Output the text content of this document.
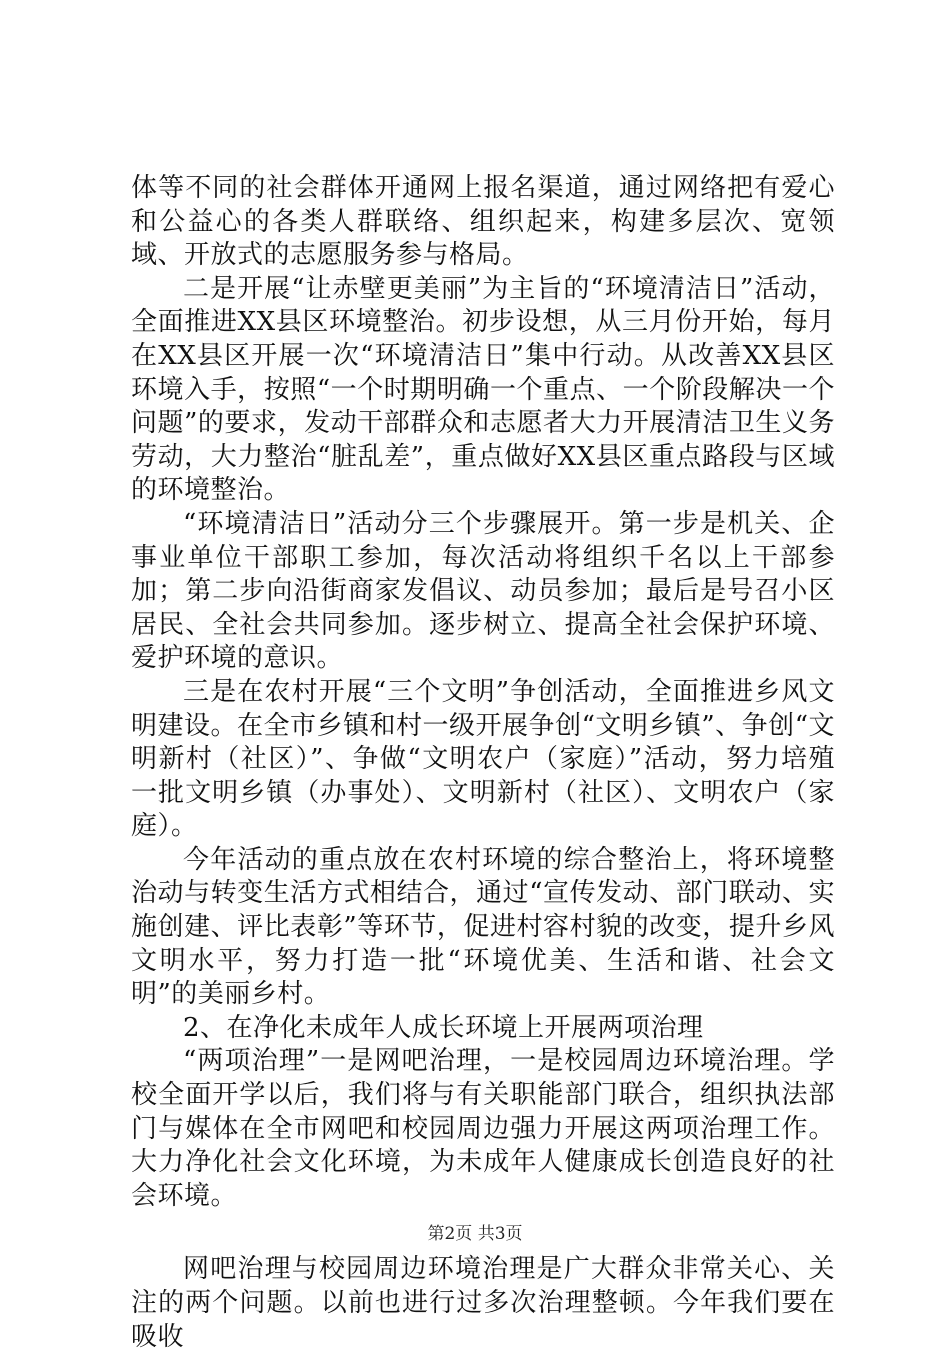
体等不同的社会群体开通网上报名渠道，通过网络把有爱心和公益心的各类人群联络、组织起来，构建多层次、宽领域、开放式的志愿服务参与格局。

二是开展“让赤壁更美丽”为主旨的“环境清洁日”活动，全面推进XX县区环境整治。初步设想，从三月份开始，每月在XX县区开展一次“环境清洁日”集中行动。从改善XX县区环境入手，按照“一个时期明确一个重点、一个阶段解决一个问题”的要求，发动干部群众和志愿者大力开展清洁卫生义务劳动，大力整治“脏乱差”，重点做好XX县区重点路段与区域的环境整治。

“环境清洁日”活动分三个步骤展开。第一步是机关、企事业单位干部职工参加，每次活动将组织千名以上干部参加；第二步向沿街商家发倡议、动员参加；最后是号召小区居民、全社会共同参加。逐步树立、提高全社会保护环境、爱护环境的意识。

三是在农村开展“三个文明”争创活动，全面推进乡风文明建设。在全市乡镇和村一级开展争创“文明乡镇”、争创“文明新村（社区）”、争做“文明农户（家庭）”活动，努力培殖一批文明乡镇（办事处）、文明新村（社区）、文明农户（家庭）。

今年活动的重点放在农村环境的综合整治上，将环境整治动与转变生活方式相结合，通过“宣传发动、部门联动、实施创建、评比表彰”等环节，促进村容村貌的改变，提升乡风文明水平，努力打造一批“环境优美、生活和谐、社会文明”的美丽乡村。

2、在净化未成年人成长环境上开展两项治理

“两项治理”一是网吧治理，一是校园周边环境治理。学校全面开学以后，我们将与有关职能部门联合，组织执法部门与媒体在全市网吧和校园周边强力开展这两项治理工作。大力净化社会文化环境，为未成年人健康成长创造良好的社会环境。

网吧治理与校园周边环境治理是广大群众非常关心、关注的两个问题。以前也进行过多次治理整顿。今年我们要在吸收

第2页 共3页
